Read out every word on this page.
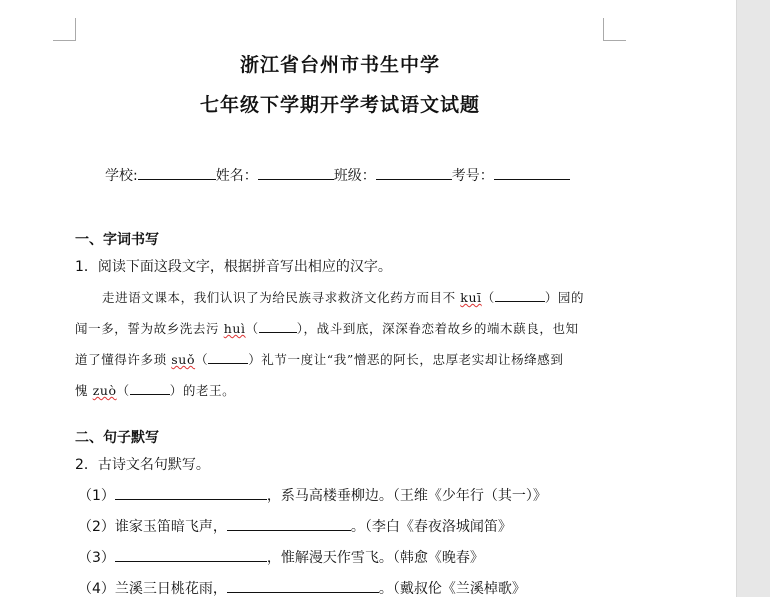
浙江省台州市书生中学
七年级下学期开学考试语文试题
学校:	姓名：	班级：	考号：
一、字词书写
1．阅读下面这段文字，根据拼音写出相应的汉字。
走进语文课本，我们认识了为给民族寻求救济文化药方而目不 kuī（	）园的
闻一多，誓为故乡洗去污 huì（	），战斗到底，深深眷恋着故乡的端木蕻良，也知
道了懂得许多琐 suǒ（	）礼节一度让“我”憎恶的阿长，忠厚老实却让杨绛感到
愧 zuò（	）的老王。
二、句子默写
2．古诗文名句默写。
（1）	，系马高楼垂柳边。（王维《少年行（其一）》
（2）谁家玉笛暗飞声，	。（李白《春夜洛城闻笛》
（3）	，惟解漫天作雪飞。（韩愈《晚春》
（4）兰溪三日桃花雨，	。（戴叔伦《兰溪棹歌》
